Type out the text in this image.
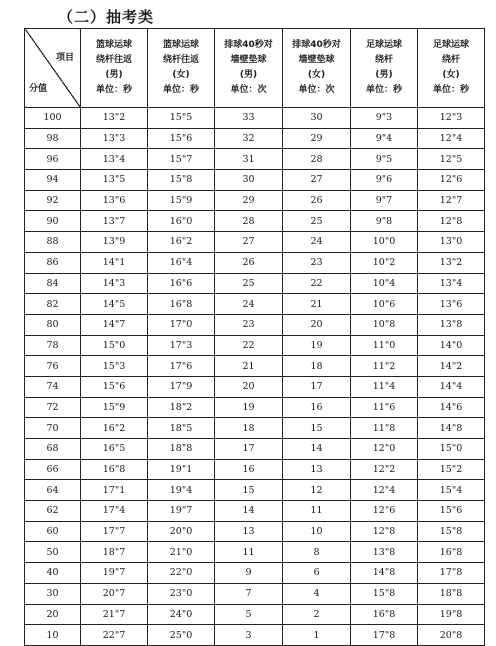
（二）抽考类
项目
分值	篮球运球
绕杆往返
(男)
单位：秒	篮球运球
绕杆往返
(女)
单位：秒	排球40秒对
墙壁垫球
(男)
单位：次	排球40秒对
墙壁垫球
(女)
单位：次	足球运球
绕杆
(男)
单位：秒	足球运球
绕杆
(女)
单位：秒

100	13"2	15"5	33	30	9"3	12"3
98	13"3	15"6	32	29	9"4	12"4
96	13"4	15"7	31	28	9"5	12"5
94	13"5	15"8	30	27	9"6	12"6
92	13"6	15"9	29	26	9"7	12"7
90	13"7	16"0	28	25	9"8	12"8
88	13"9	16"2	27	24	10"0	13"0
86	14"1	16"4	26	23	10"2	13"2
84	14"3	16"6	25	22	10"4	13"4
82	14"5	16"8	24	21	10"6	13"6
80	14"7	17"0	23	20	10"8	13"8
78	15"0	17"3	22	19	11"0	14"0
76	15"3	17"6	21	18	11"2	14"2
74	15"6	17"9	20	17	11"4	14"4
72	15"9	18"2	19	16	11"6	14"6
70	16"2	18"5	18	15	11"8	14"8
68	16"5	18"8	17	14	12"0	15"0
66	16"8	19"1	16	13	12"2	15"2
64	17"1	19"4	15	12	12"4	15"4
62	17"4	19"7	14	11	12"6	15"6
60	17"7	20"0	13	10	12"8	15"8
50	18"7	21"0	11	8	13"8	16"8
40	19"7	22"0	9	6	14"8	17"8
30	20"7	23"0	7	4	15"8	18"8
20	21"7	24"0	5	2	16"8	19"8
10	22"7	25"0	3	1	17"8	20"8
